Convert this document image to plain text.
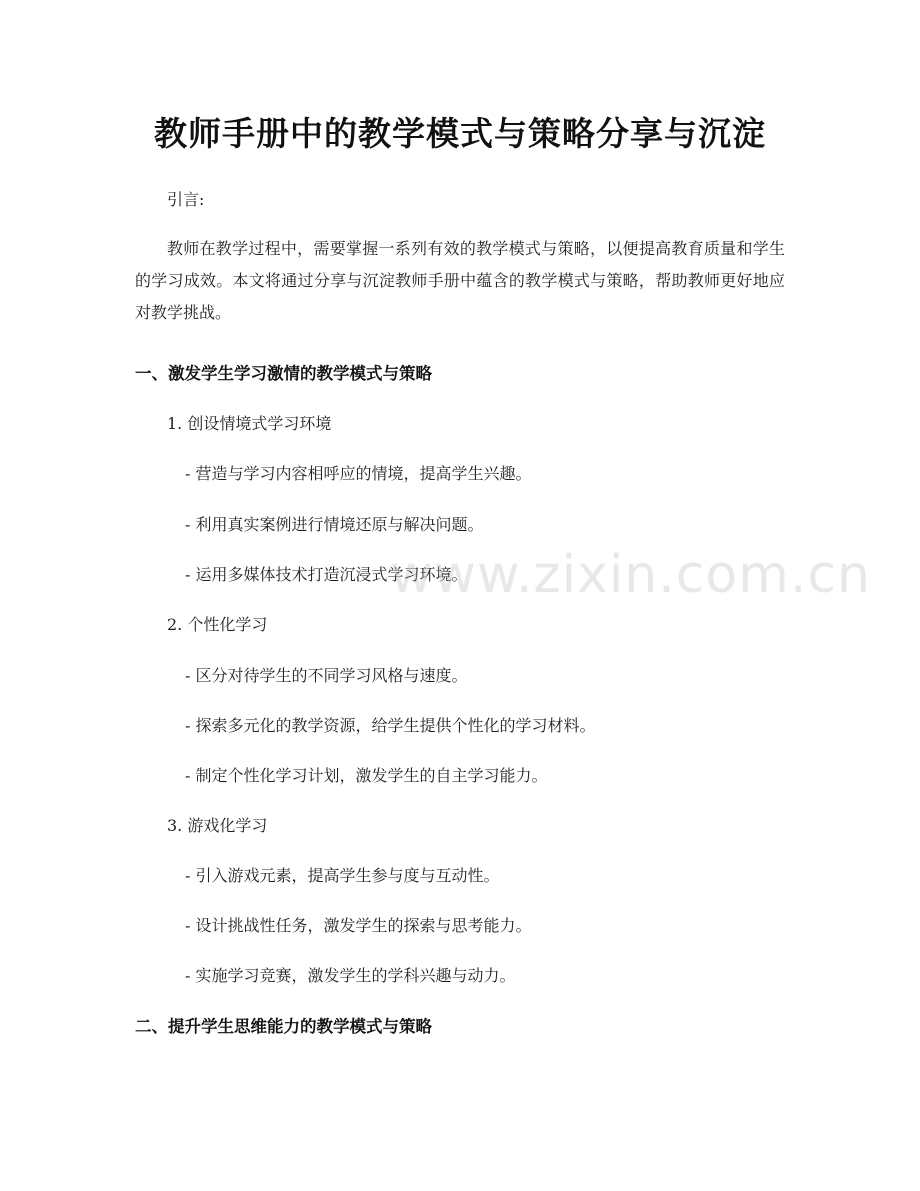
教师手册中的教学模式与策略分享与沉淀
引言:

教师在教学过程中，需要掌握一系列有效的教学模式与策略，以便提高教育质量和学生的学习成效。本文将通过分享与沉淀教师手册中蕴含的教学模式与策略，帮助教师更好地应对教学挑战。

一、激发学生学习激情的教学模式与策略
1. 创设情境式学习环境
- 营造与学习内容相呼应的情境，提高学生兴趣。
- 利用真实案例进行情境还原与解决问题。
- 运用多媒体技术打造沉浸式学习环境。
2. 个性化学习
- 区分对待学生的不同学习风格与速度。
- 探索多元化的教学资源，给学生提供个性化的学习材料。
- 制定个性化学习计划，激发学生的自主学习能力。
3. 游戏化学习
- 引入游戏元素，提高学生参与度与互动性。
- 设计挑战性任务，激发学生的探索与思考能力。
- 实施学习竞赛，激发学生的学科兴趣与动力。
二、提升学生思维能力的教学模式与策略
www.zixin.com.cn
